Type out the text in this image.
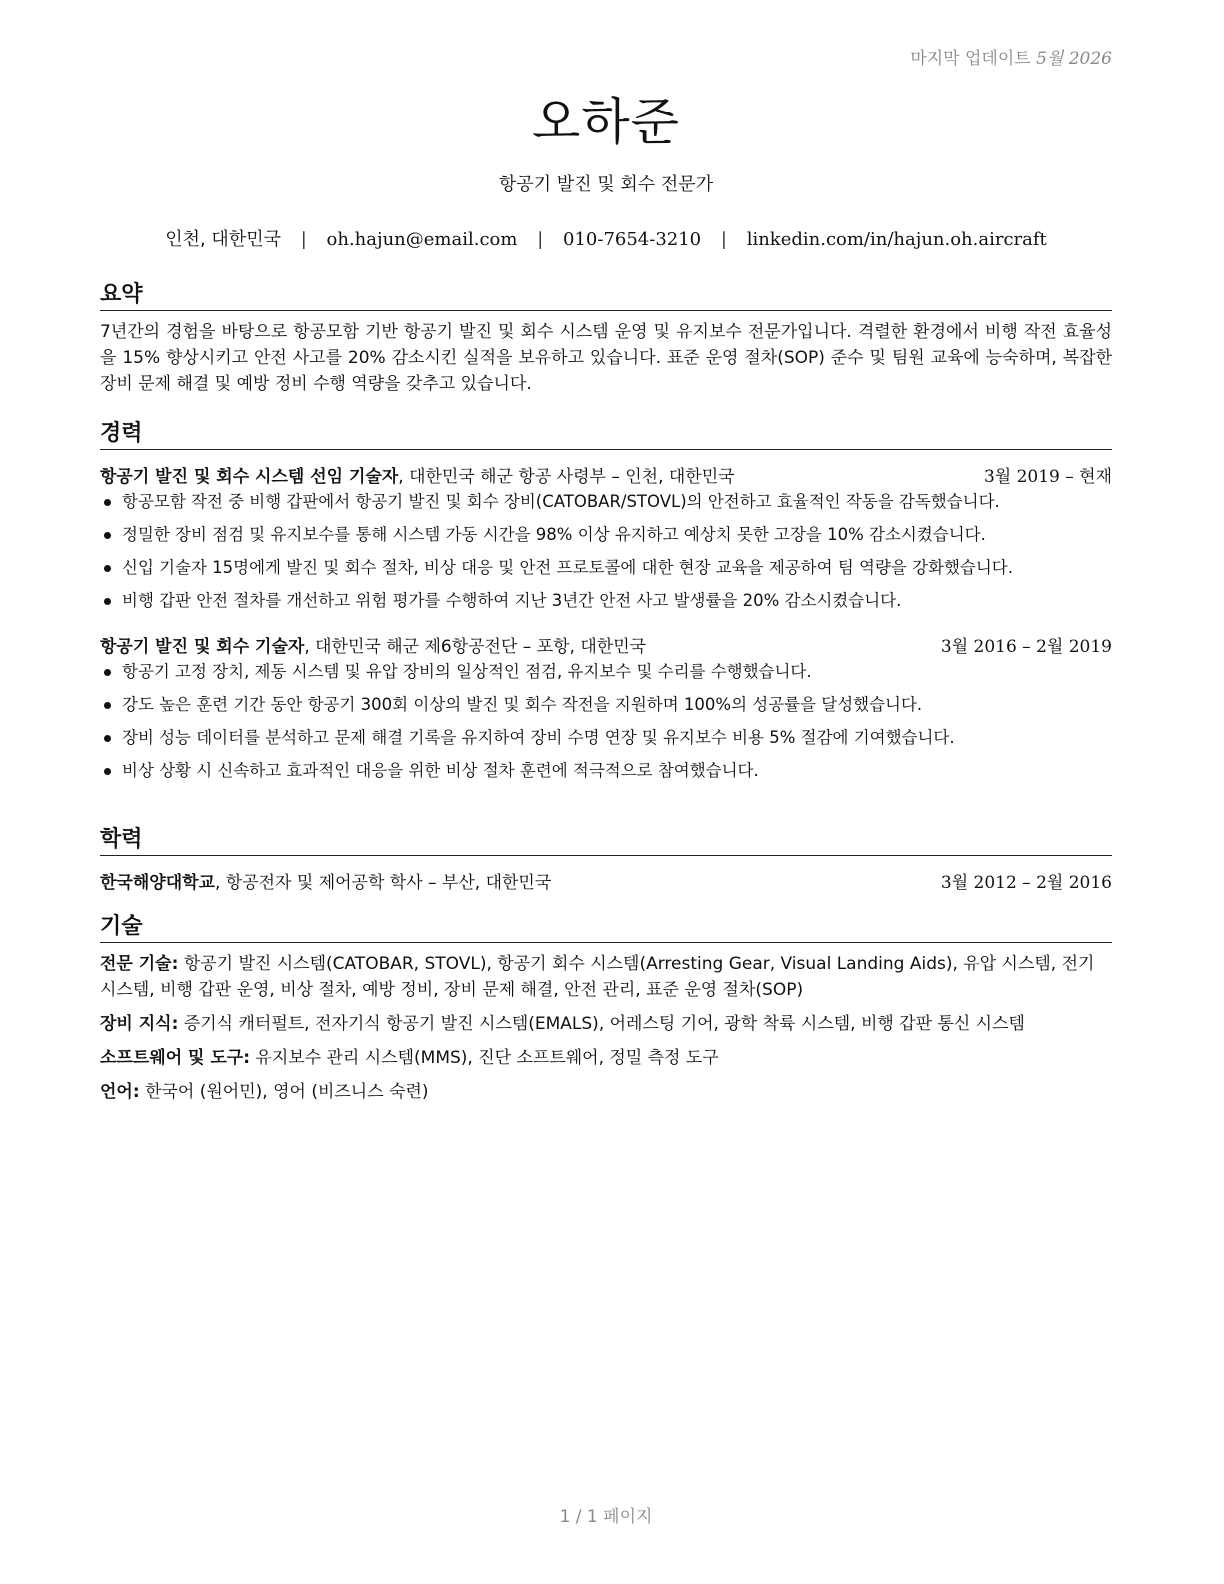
마지막 업데이트 5월 2026
오하준
항공기 발진 및 회수 전문가
인천, 대한민국 | oh.hajun@email.com | 010-7654-3210 | linkedin.com/in/hajun.oh.aircraft
요약

7년간의 경험을 바탕으로 항공모함 기반 항공기 발진 및 회수 시스템 운영 및 유지보수 전문가입니다. 격렬한 환경에서 비행 작전 효율성을 15% 향상시키고 안전 사고를 20% 감소시킨 실적을 보유하고 있습니다. 표준 운영 절차(SOP) 준수 및 팀원 교육에 능숙하며, 복잡한 장비 문제 해결 및 예방 정비 수행 역량을 갖추고 있습니다.

경력
항공기 발진 및 회수 시스템 선임 기술자, 대한민국 해군 항공 사령부 – 인천, 대한민국	3월 2019 – 현재
항공모함 작전 중 비행 갑판에서 항공기 발진 및 회수 장비(CATOBAR/STOVL)의 안전하고 효율적인 작동을 감독했습니다.
정밀한 장비 점검 및 유지보수를 통해 시스템 가동 시간을 98% 이상 유지하고 예상치 못한 고장을 10% 감소시켰습니다.
신입 기술자 15명에게 발진 및 회수 절차, 비상 대응 및 안전 프로토콜에 대한 현장 교육을 제공하여 팀 역량을 강화했습니다.
비행 갑판 안전 절차를 개선하고 위험 평가를 수행하여 지난 3년간 안전 사고 발생률을 20% 감소시켰습니다.
항공기 발진 및 회수 기술자, 대한민국 해군 제6항공전단 – 포항, 대한민국	3월 2016 – 2월 2019
항공기 고정 장치, 제동 시스템 및 유압 장비의 일상적인 점검, 유지보수 및 수리를 수행했습니다.
강도 높은 훈련 기간 동안 항공기 300회 이상의 발진 및 회수 작전을 지원하며 100%의 성공률을 달성했습니다.
장비 성능 데이터를 분석하고 문제 해결 기록을 유지하여 장비 수명 연장 및 유지보수 비용 5% 절감에 기여했습니다.
비상 상황 시 신속하고 효과적인 대응을 위한 비상 절차 훈련에 적극적으로 참여했습니다.
학력
한국해양대학교, 항공전자 및 제어공학 학사 – 부산, 대한민국	3월 2012 – 2월 2016
기술
전문 기술: 항공기 발진 시스템(CATOBAR, STOVL), 항공기 회수 시스템(Arresting Gear, Visual Landing Aids), 유압 시스템, 전기 시스템, 비행 갑판 운영, 비상 절차, 예방 정비, 장비 문제 해결, 안전 관리, 표준 운영 절차(SOP)
장비 지식: 증기식 캐터펄트, 전자기식 항공기 발진 시스템(EMALS), 어레스팅 기어, 광학 착륙 시스템, 비행 갑판 통신 시스템
소프트웨어 및 도구: 유지보수 관리 시스템(MMS), 진단 소프트웨어, 정밀 측정 도구
언어: 한국어 (원어민), 영어 (비즈니스 숙련)
1 / 1 페이지
